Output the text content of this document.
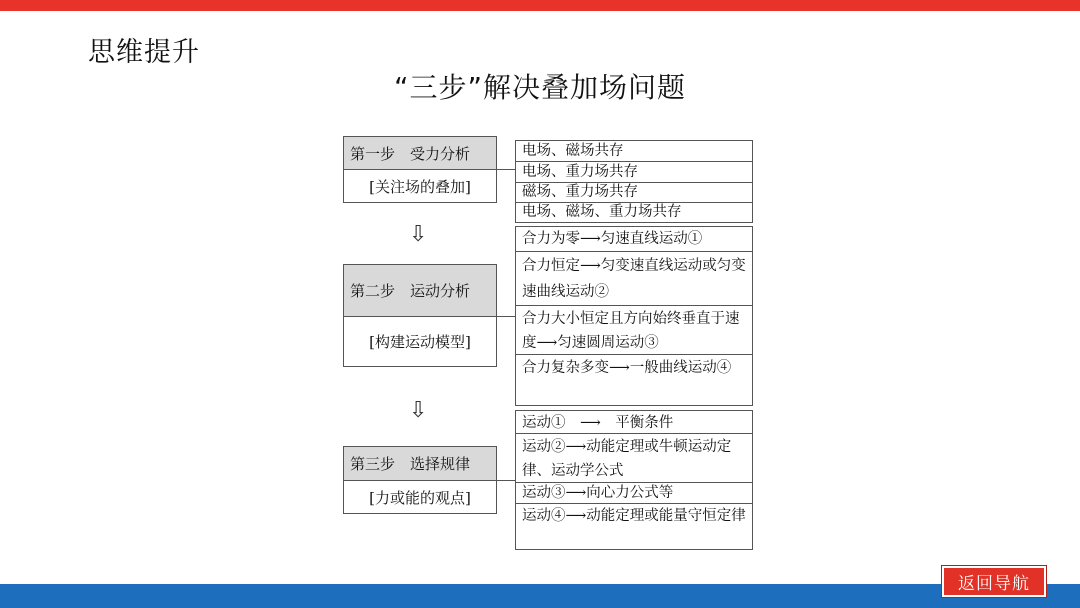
思维提升
“三步”解决叠加场问题
第一步　受力分析
[关注场的叠加]
电场、磁场共存
电场、重力场共存
磁场、重力场共存
电场、磁场、重力场共存
⇩
第二步　运动分析
[构建运动模型]
合力为零⟶匀速直线运动①
合力恒定⟶匀变速直线运动或匀变速曲线运动②
合力大小恒定且方向始终垂直于速度⟶匀速圆周运动③
合力复杂多变⟶一般曲线运动④
⇩
第三步　选择规律
[力或能的观点]
运动①　⟶　平衡条件
运动②⟶动能定理或牛顿运动定律、运动学公式
运动③⟶向心力公式等
运动④⟶动能定理或能量守恒定律
返回导航
